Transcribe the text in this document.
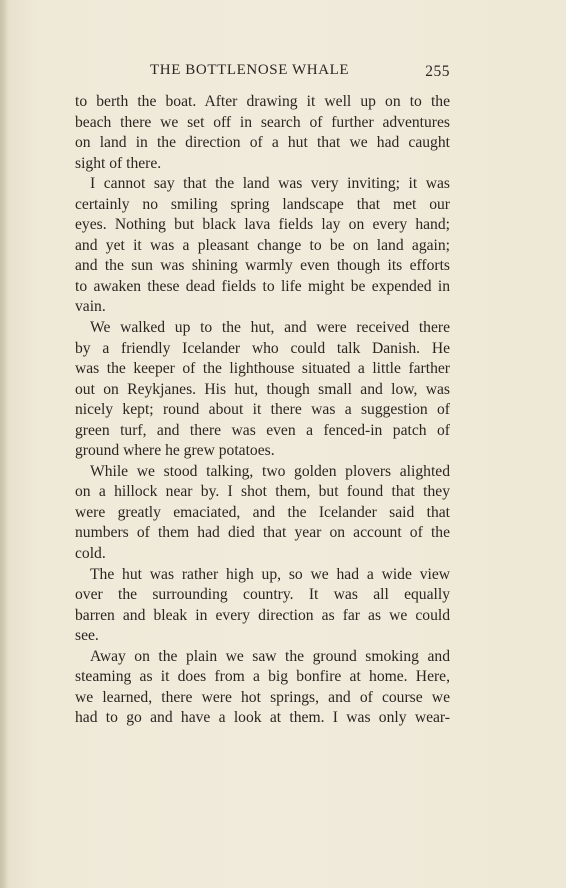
THE BOTTLENOSE WHALE	255
to berth the boat. After drawing it well up on to the
beach there we set off in search of further adventures
on land in the direction of a hut that we had caught
sight of there.
I cannot say that the land was very inviting; it was
certainly no smiling spring landscape that met our
eyes. Nothing but black lava fields lay on every hand;
and yet it was a pleasant change to be on land again;
and the sun was shining warmly even though its efforts
to awaken these dead fields to life might be expended in
vain.
We walked up to the hut, and were received there
by a friendly Icelander who could talk Danish. He
was the keeper of the lighthouse situated a little farther
out on Reykjanes. His hut, though small and low, was
nicely kept; round about it there was a suggestion of
green turf, and there was even a fenced-in patch of
ground where he grew potatoes.
While we stood talking, two golden plovers alighted
on a hillock near by. I shot them, but found that they
were greatly emaciated, and the Icelander said that
numbers of them had died that year on account of the
cold.
The hut was rather high up, so we had a wide view
over the surrounding country. It was all equally
barren and bleak in every direction as far as we could
see.
Away on the plain we saw the ground smoking and
steaming as it does from a big bonfire at home. Here,
we learned, there were hot springs, and of course we
had to go and have a look at them. I was only wear-
